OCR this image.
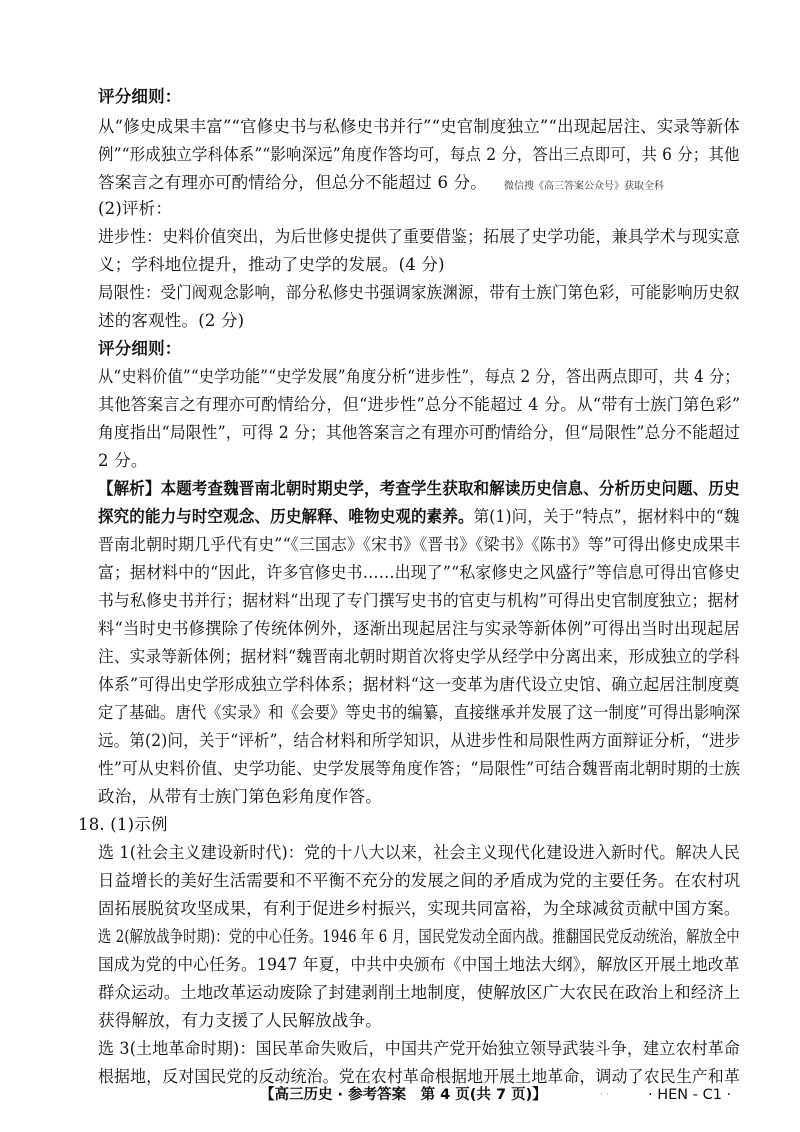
评分细则：
从“修史成果丰富”“官修史书与私修史书并行”“史官制度独立”“出现起居注、实录等新体
例”“形成独立学科体系”“影响深远”角度作答均可，每点 2 分，答出三点即可，共 6 分；其他
答案言之有理亦可酌情给分，但总分不能超过 6 分。 微信搜《高三答案公众号》获取全科
(2)评析：
进步性：史料价值突出，为后世修史提供了重要借鉴；拓展了史学功能，兼具学术与现实意
义；学科地位提升，推动了史学的发展。(4 分)
局限性：受门阀观念影响，部分私修史书强调家族渊源，带有士族门第色彩，可能影响历史叙
述的客观性。(2 分)
评分细则：
从“史料价值”“史学功能”“史学发展”角度分析“进步性”，每点 2 分，答出两点即可，共 4 分；
其他答案言之有理亦可酌情给分，但“进步性”总分不能超过 4 分。从“带有士族门第色彩”
角度指出“局限性”，可得 2 分；其他答案言之有理亦可酌情给分，但“局限性”总分不能超过
2 分。
【解析】本题考查魏晋南北朝时期史学，考查学生获取和解读历史信息、分析历史问题、历史
探究的能力与时空观念、历史解释、唯物史观的素养。第(1)问，关于“特点”，据材料中的“魏
晋南北朝时期几乎代有史”“《三国志》《宋书》《晋书》《梁书》《陈书》等”可得出修史成果丰
富；据材料中的“因此，许多官修史书……出现了”“私家修史之风盛行”等信息可得出官修史
书与私修史书并行；据材料“出现了专门撰写史书的官吏与机构”可得出史官制度独立；据材
料“当时史书修撰除了传统体例外，逐渐出现起居注与实录等新体例”可得出当时出现起居
注、实录等新体例；据材料“魏晋南北朝时期首次将史学从经学中分离出来，形成独立的学科
体系”可得出史学形成独立学科体系；据材料“这一变革为唐代设立史馆、确立起居注制度奠
定了基础。唐代《实录》和《会要》等史书的编纂，直接继承并发展了这一制度”可得出影响深
远。第(2)问，关于“评析”，结合材料和所学知识，从进步性和局限性两方面辩证分析，“进步
性”可从史料价值、史学功能、史学发展等角度作答；“局限性”可结合魏晋南北朝时期的士族
政治，从带有士族门第色彩角度作答。
18. (1)示例
选 1(社会主义建设新时代)：党的十八大以来，社会主义现代化建设进入新时代。解决人民
日益增长的美好生活需要和不平衡不充分的发展之间的矛盾成为党的主要任务。在农村巩
固拓展脱贫攻坚成果，有利于促进乡村振兴，实现共同富裕，为全球减贫贡献中国方案。
选 2(解放战争时期)：党的中心任务。1946 年 6 月，国民党发动全面内战。推翻国民党反动统治，解放全中
国成为党的中心任务。1947 年夏，中共中央颁布《中国土地法大纲》，解放区开展土地改革
群众运动。土地改革运动废除了封建剥削土地制度，使解放区广大农民在政治上和经济上
获得解放，有力支援了人民解放战争。
选 3(土地革命时期)：国民革命失败后，中国共产党开始独立领导武装斗争，建立农村革命
根据地，反对国民党的反动统治。党在农村革命根据地开展土地革命，调动了农民生产和革
【高三历史 · 参考答案　第 4 页(共 7 页)】	· ·	· HEN - C1 ·
